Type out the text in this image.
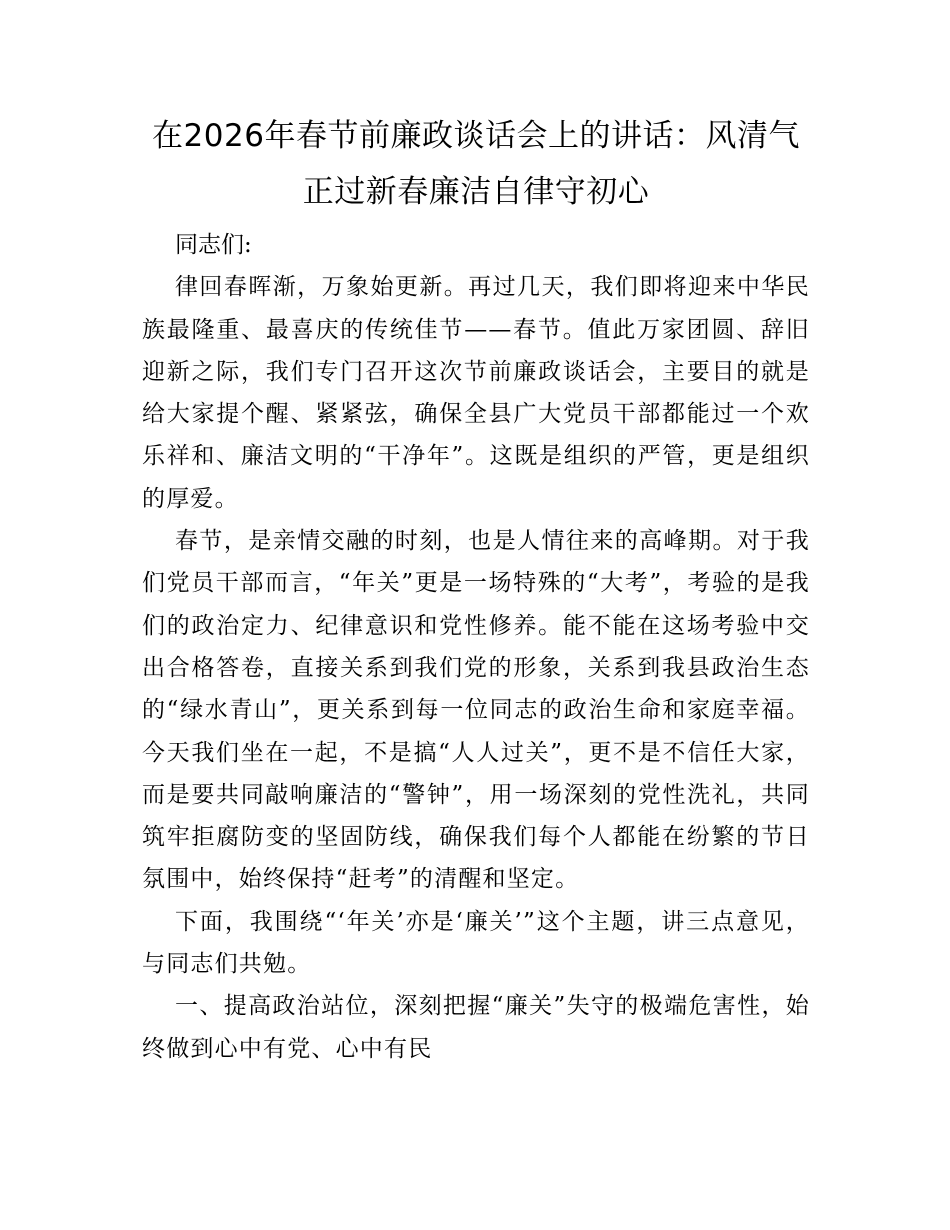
在2026年春节前廉政谈话会上的讲话：风清气
正过新春廉洁自律守初心

同志们:

律回春晖渐，万象始更新。再过几天，我们即将迎来中华民族最隆重、最喜庆的传统佳节——春节。值此万家团圆、辞旧迎新之际，我们专门召开这次节前廉政谈话会，主要目的就是给大家提个醒、紧紧弦，确保全县广大党员干部都能过一个欢乐祥和、廉洁文明的“干净年”。这既是组织的严管，更是组织的厚爱。

春节，是亲情交融的时刻，也是人情往来的高峰期。对于我们党员干部而言，“年关”更是一场特殊的“大考”，考验的是我们的政治定力、纪律意识和党性修养。能不能在这场考验中交出合格答卷，直接关系到我们党的形象，关系到我县政治生态的“绿水青山”，更关系到每一位同志的政治生命和家庭幸福。今天我们坐在一起，不是搞“人人过关”，更不是不信任大家，而是要共同敲响廉洁的“警钟”，用一场深刻的党性洗礼，共同筑牢拒腐防变的坚固防线，确保我们每个人都能在纷繁的节日氛围中，始终保持“赶考”的清醒和坚定。

下面，我围绕“‘年关’亦是‘廉关’”这个主题，讲三点意见，与同志们共勉。

一、提高政治站位，深刻把握“廉关”失守的极端危害性，始终做到心中有党、心中有民
